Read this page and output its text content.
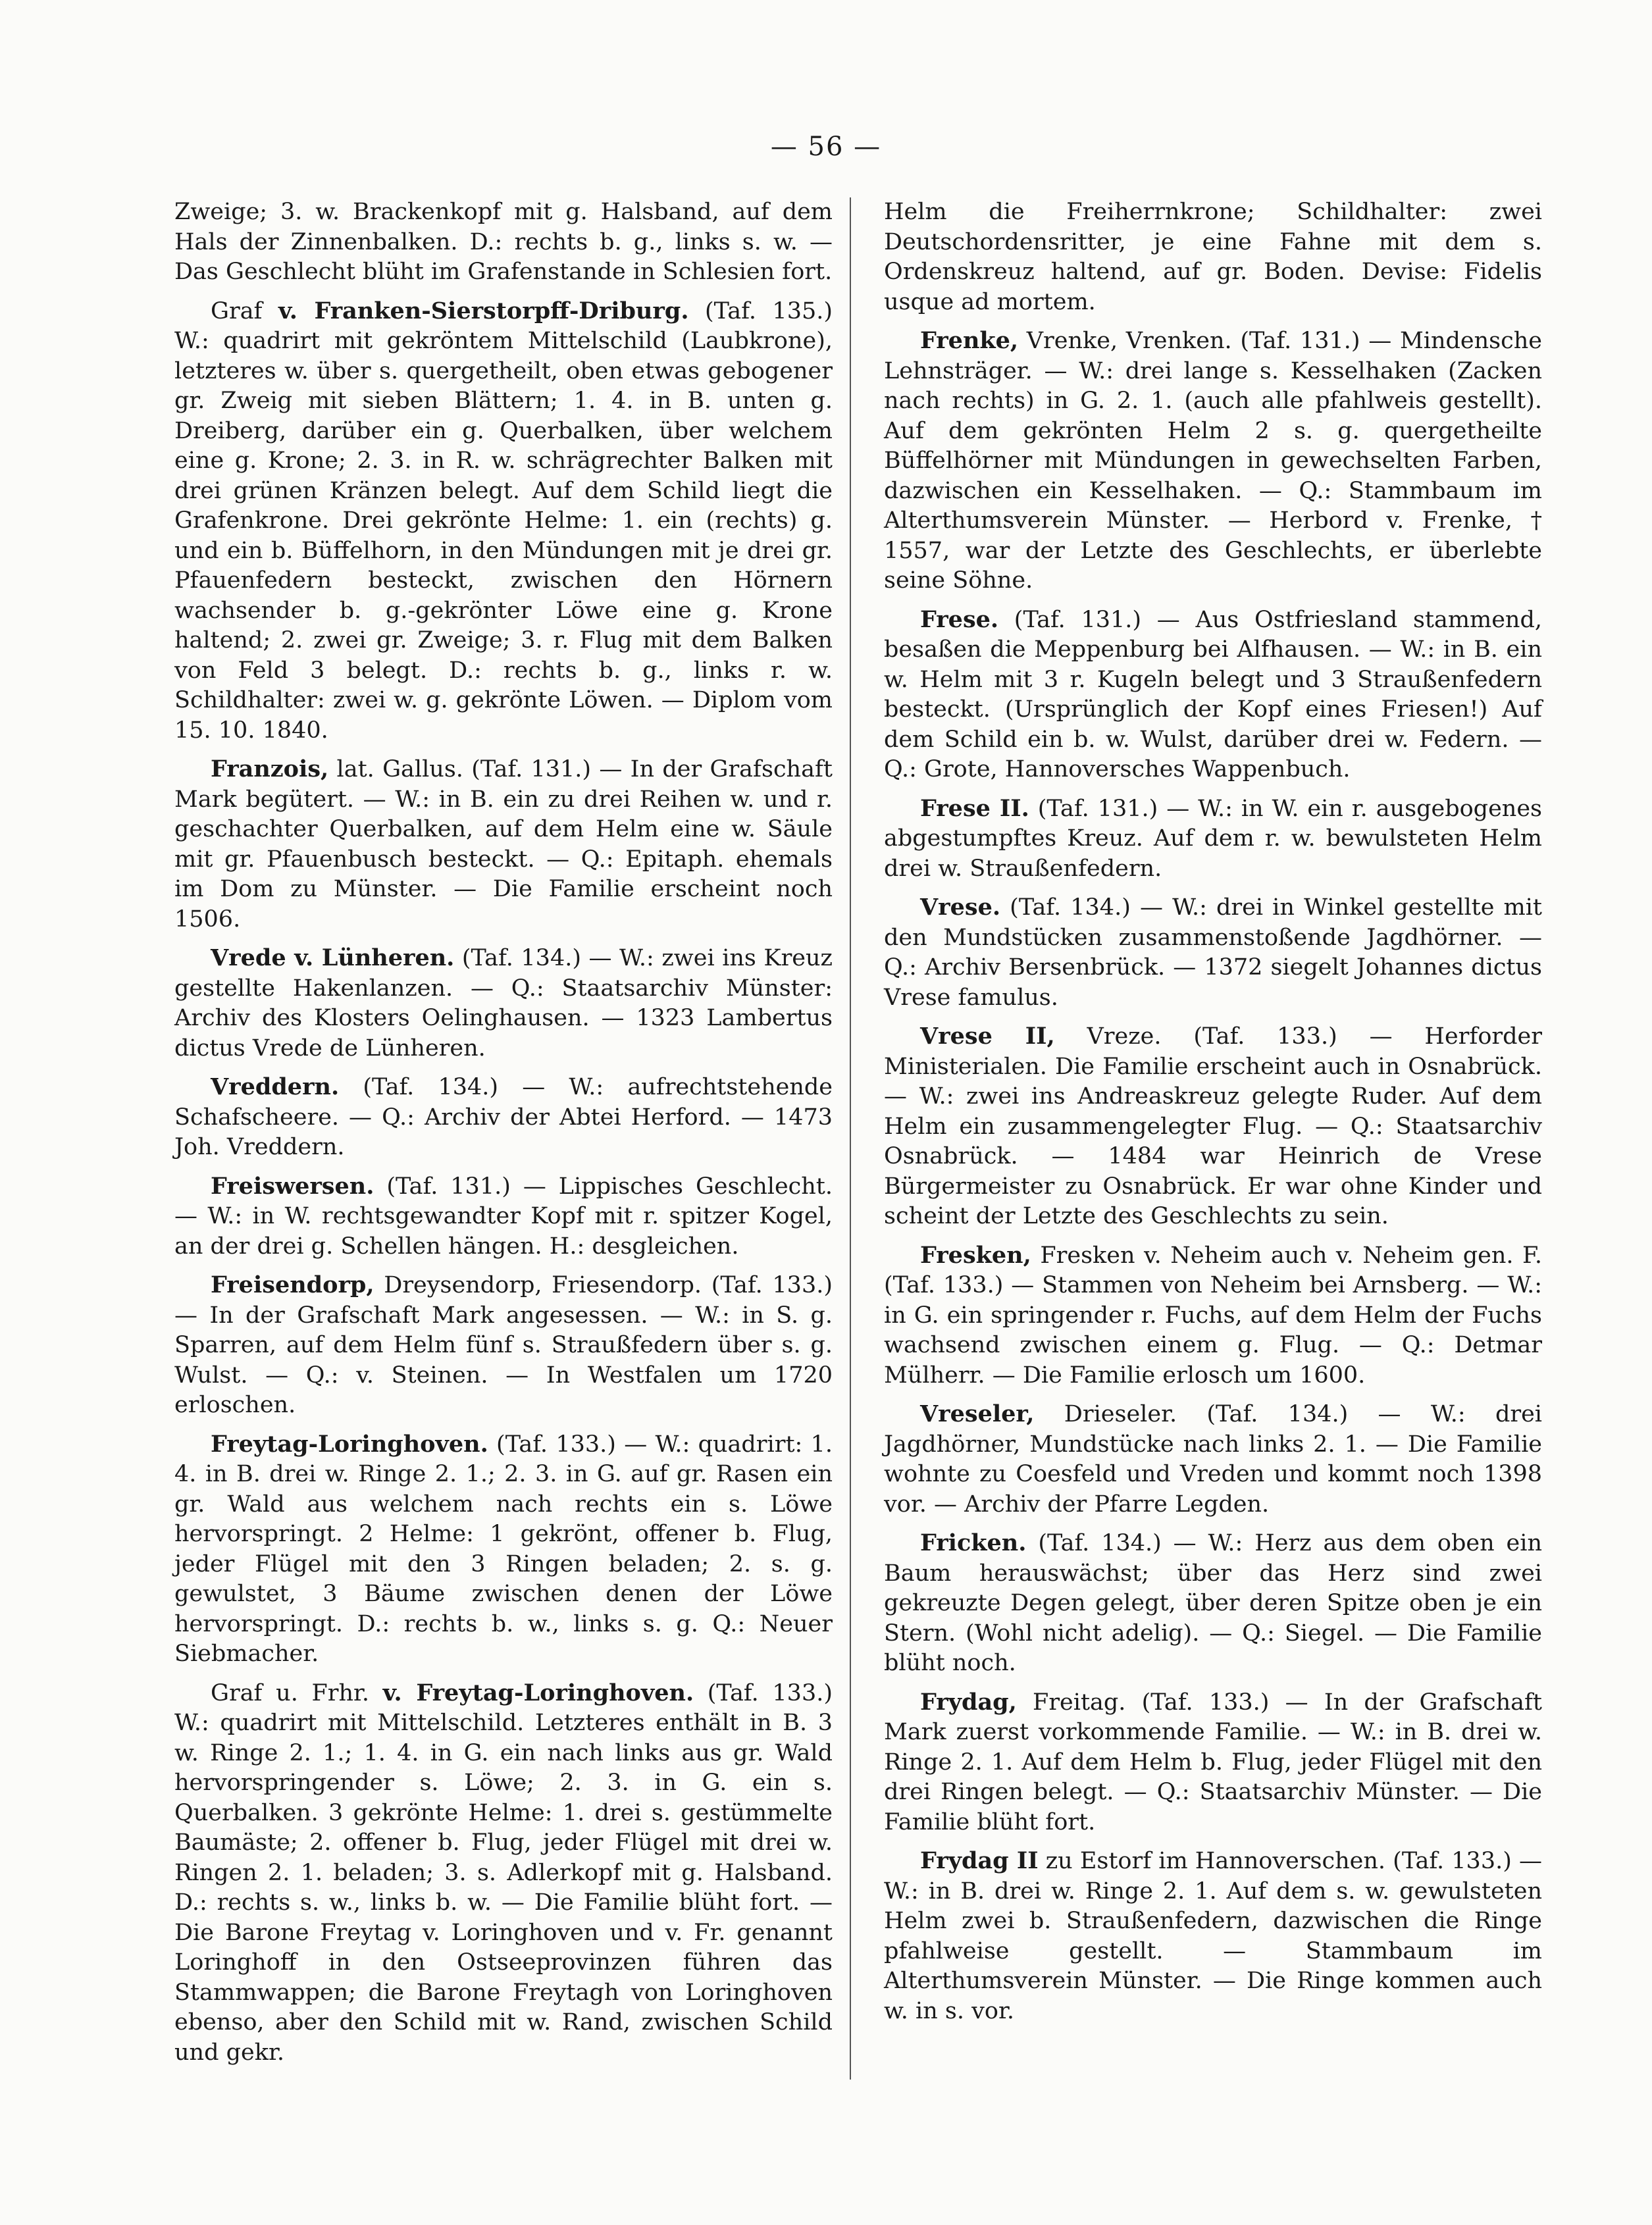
— 56 —

Zweige; 3. w. Brackenkopf mit g. Halsband, auf dem Hals der Zinnenbalken. D.: rechts b. g., links s. w. — Das Geschlecht blüht im Grafenstande in Schlesien fort.

Graf v. Franken-Sierstorpff-Driburg. (Taf. 135.) W.: quadrirt mit gekröntem Mittelschild (Laubkrone), letzteres w. über s. quergetheilt, oben etwas gebogener gr. Zweig mit sieben Blättern; 1. 4. in B. unten g. Dreiberg, darüber ein g. Querbalken, über welchem eine g. Krone; 2. 3. in R. w. schrägrechter Balken mit drei grünen Kränzen belegt. Auf dem Schild liegt die Grafenkrone. Drei gekrönte Helme: 1. ein (rechts) g. und ein b. Büffelhorn, in den Mündungen mit je drei gr. Pfauenfedern besteckt, zwischen den Hörnern wachsender b. g.-gekrönter Löwe eine g. Krone haltend; 2. zwei gr. Zweige; 3. r. Flug mit dem Balken von Feld 3 belegt. D.: rechts b. g., links r. w. Schildhalter: zwei w. g. gekrönte Löwen. — Diplom vom 15. 10. 1840.

Franzois, lat. Gallus. (Taf. 131.) — In der Grafschaft Mark begütert. — W.: in B. ein zu drei Reihen w. und r. geschachter Querbalken, auf dem Helm eine w. Säule mit gr. Pfauenbusch besteckt. — Q.: Epitaph. ehemals im Dom zu Münster. — Die Familie erscheint noch 1506.

Vrede v. Lünheren. (Taf. 134.) — W.: zwei ins Kreuz gestellte Hakenlanzen. — Q.: Staatsarchiv Münster: Archiv des Klosters Oelinghausen. — 1323 Lambertus dictus Vrede de Lünheren.

Vreddern. (Taf. 134.) — W.: aufrechtstehende Schafscheere. — Q.: Archiv der Abtei Herford. — 1473 Joh. Vreddern.

Freiswersen. (Taf. 131.) — Lippisches Geschlecht. — W.: in W. rechtsgewandter Kopf mit r. spitzer Kogel, an der drei g. Schellen hängen. H.: desgleichen.

Freisendorp, Dreysendorp, Friesendorp. (Taf. 133.) — In der Grafschaft Mark angesessen. — W.: in S. g. Sparren, auf dem Helm fünf s. Straußfedern über s. g. Wulst. — Q.: v. Steinen. — In Westfalen um 1720 erloschen.

Freytag-Loringhoven. (Taf. 133.) — W.: quadrirt: 1. 4. in B. drei w. Ringe 2. 1.; 2. 3. in G. auf gr. Rasen ein gr. Wald aus welchem nach rechts ein s. Löwe hervorspringt. 2 Helme: 1 gekrönt, offener b. Flug, jeder Flügel mit den 3 Ringen beladen; 2. s. g. gewulstet, 3 Bäume zwischen denen der Löwe hervorspringt. D.: rechts b. w., links s. g. Q.: Neuer Siebmacher.

Graf u. Frhr. v. Freytag-Loringhoven. (Taf. 133.) W.: quadrirt mit Mittelschild. Letzteres enthält in B. 3 w. Ringe 2. 1.; 1. 4. in G. ein nach links aus gr. Wald hervorspringender s. Löwe; 2. 3. in G. ein s. Querbalken. 3 gekrönte Helme: 1. drei s. gestümmelte Baumäste; 2. offener b. Flug, jeder Flügel mit drei w. Ringen 2. 1. beladen; 3. s. Adlerkopf mit g. Halsband. D.: rechts s. w., links b. w. — Die Familie blüht fort. — Die Barone Freytag v. Loringhoven und v. Fr. genannt Loringhoff in den Ostseeprovinzen führen das Stammwappen; die Barone Freytagh von Loringhoven ebenso, aber den Schild mit w. Rand, zwischen Schild und gekr.

Helm die Freiherrnkrone; Schildhalter: zwei Deutschordensritter, je eine Fahne mit dem s. Ordenskreuz haltend, auf gr. Boden. Devise: Fidelis usque ad mortem.

Frenke, Vrenke, Vrenken. (Taf. 131.) — Mindensche Lehnsträger. — W.: drei lange s. Kesselhaken (Zacken nach rechts) in G. 2. 1. (auch alle pfahlweis gestellt). Auf dem gekrönten Helm 2 s. g. quergetheilte Büffelhörner mit Mündungen in gewechselten Farben, dazwischen ein Kesselhaken. — Q.: Stammbaum im Alterthumsverein Münster. — Herbord v. Frenke, † 1557, war der Letzte des Geschlechts, er überlebte seine Söhne.

Frese. (Taf. 131.) — Aus Ostfriesland stammend, besaßen die Meppenburg bei Alfhausen. — W.: in B. ein w. Helm mit 3 r. Kugeln belegt und 3 Straußenfedern besteckt. (Ursprünglich der Kopf eines Friesen!) Auf dem Schild ein b. w. Wulst, darüber drei w. Federn. — Q.: Grote, Hannoversches Wappenbuch.

Frese II. (Taf. 131.) — W.: in W. ein r. ausgebogenes abgestumpftes Kreuz. Auf dem r. w. bewulsteten Helm drei w. Straußenfedern.

Vrese. (Taf. 134.) — W.: drei in Winkel gestellte mit den Mundstücken zusammenstoßende Jagdhörner. — Q.: Archiv Bersenbrück. — 1372 siegelt Johannes dictus Vrese famulus.

Vrese II, Vreze. (Taf. 133.) — Herforder Ministerialen. Die Familie erscheint auch in Osnabrück. — W.: zwei ins Andreaskreuz gelegte Ruder. Auf dem Helm ein zusammengelegter Flug. — Q.: Staatsarchiv Osnabrück. — 1484 war Heinrich de Vrese Bürgermeister zu Osnabrück. Er war ohne Kinder und scheint der Letzte des Geschlechts zu sein.

Fresken, Fresken v. Neheim auch v. Neheim gen. F. (Taf. 133.) — Stammen von Neheim bei Arnsberg. — W.: in G. ein springender r. Fuchs, auf dem Helm der Fuchs wachsend zwischen einem g. Flug. — Q.: Detmar Mülherr. — Die Familie erlosch um 1600.

Vreseler, Drieseler. (Taf. 134.) — W.: drei Jagdhörner, Mundstücke nach links 2. 1. — Die Familie wohnte zu Coesfeld und Vreden und kommt noch 1398 vor. — Archiv der Pfarre Legden.

Fricken. (Taf. 134.) — W.: Herz aus dem oben ein Baum herauswächst; über das Herz sind zwei gekreuzte Degen gelegt, über deren Spitze oben je ein Stern. (Wohl nicht adelig). — Q.: Siegel. — Die Familie blüht noch.

Frydag, Freitag. (Taf. 133.) — In der Grafschaft Mark zuerst vorkommende Familie. — W.: in B. drei w. Ringe 2. 1. Auf dem Helm b. Flug, jeder Flügel mit den drei Ringen belegt. — Q.: Staatsarchiv Münster. — Die Familie blüht fort.

Frydag II zu Estorf im Hannoverschen. (Taf. 133.) — W.: in B. drei w. Ringe 2. 1. Auf dem s. w. gewulsteten Helm zwei b. Straußenfedern, dazwischen die Ringe pfahlweise gestellt. — Stammbaum im Alterthumsverein Münster. — Die Ringe kommen auch w. in s. vor.
